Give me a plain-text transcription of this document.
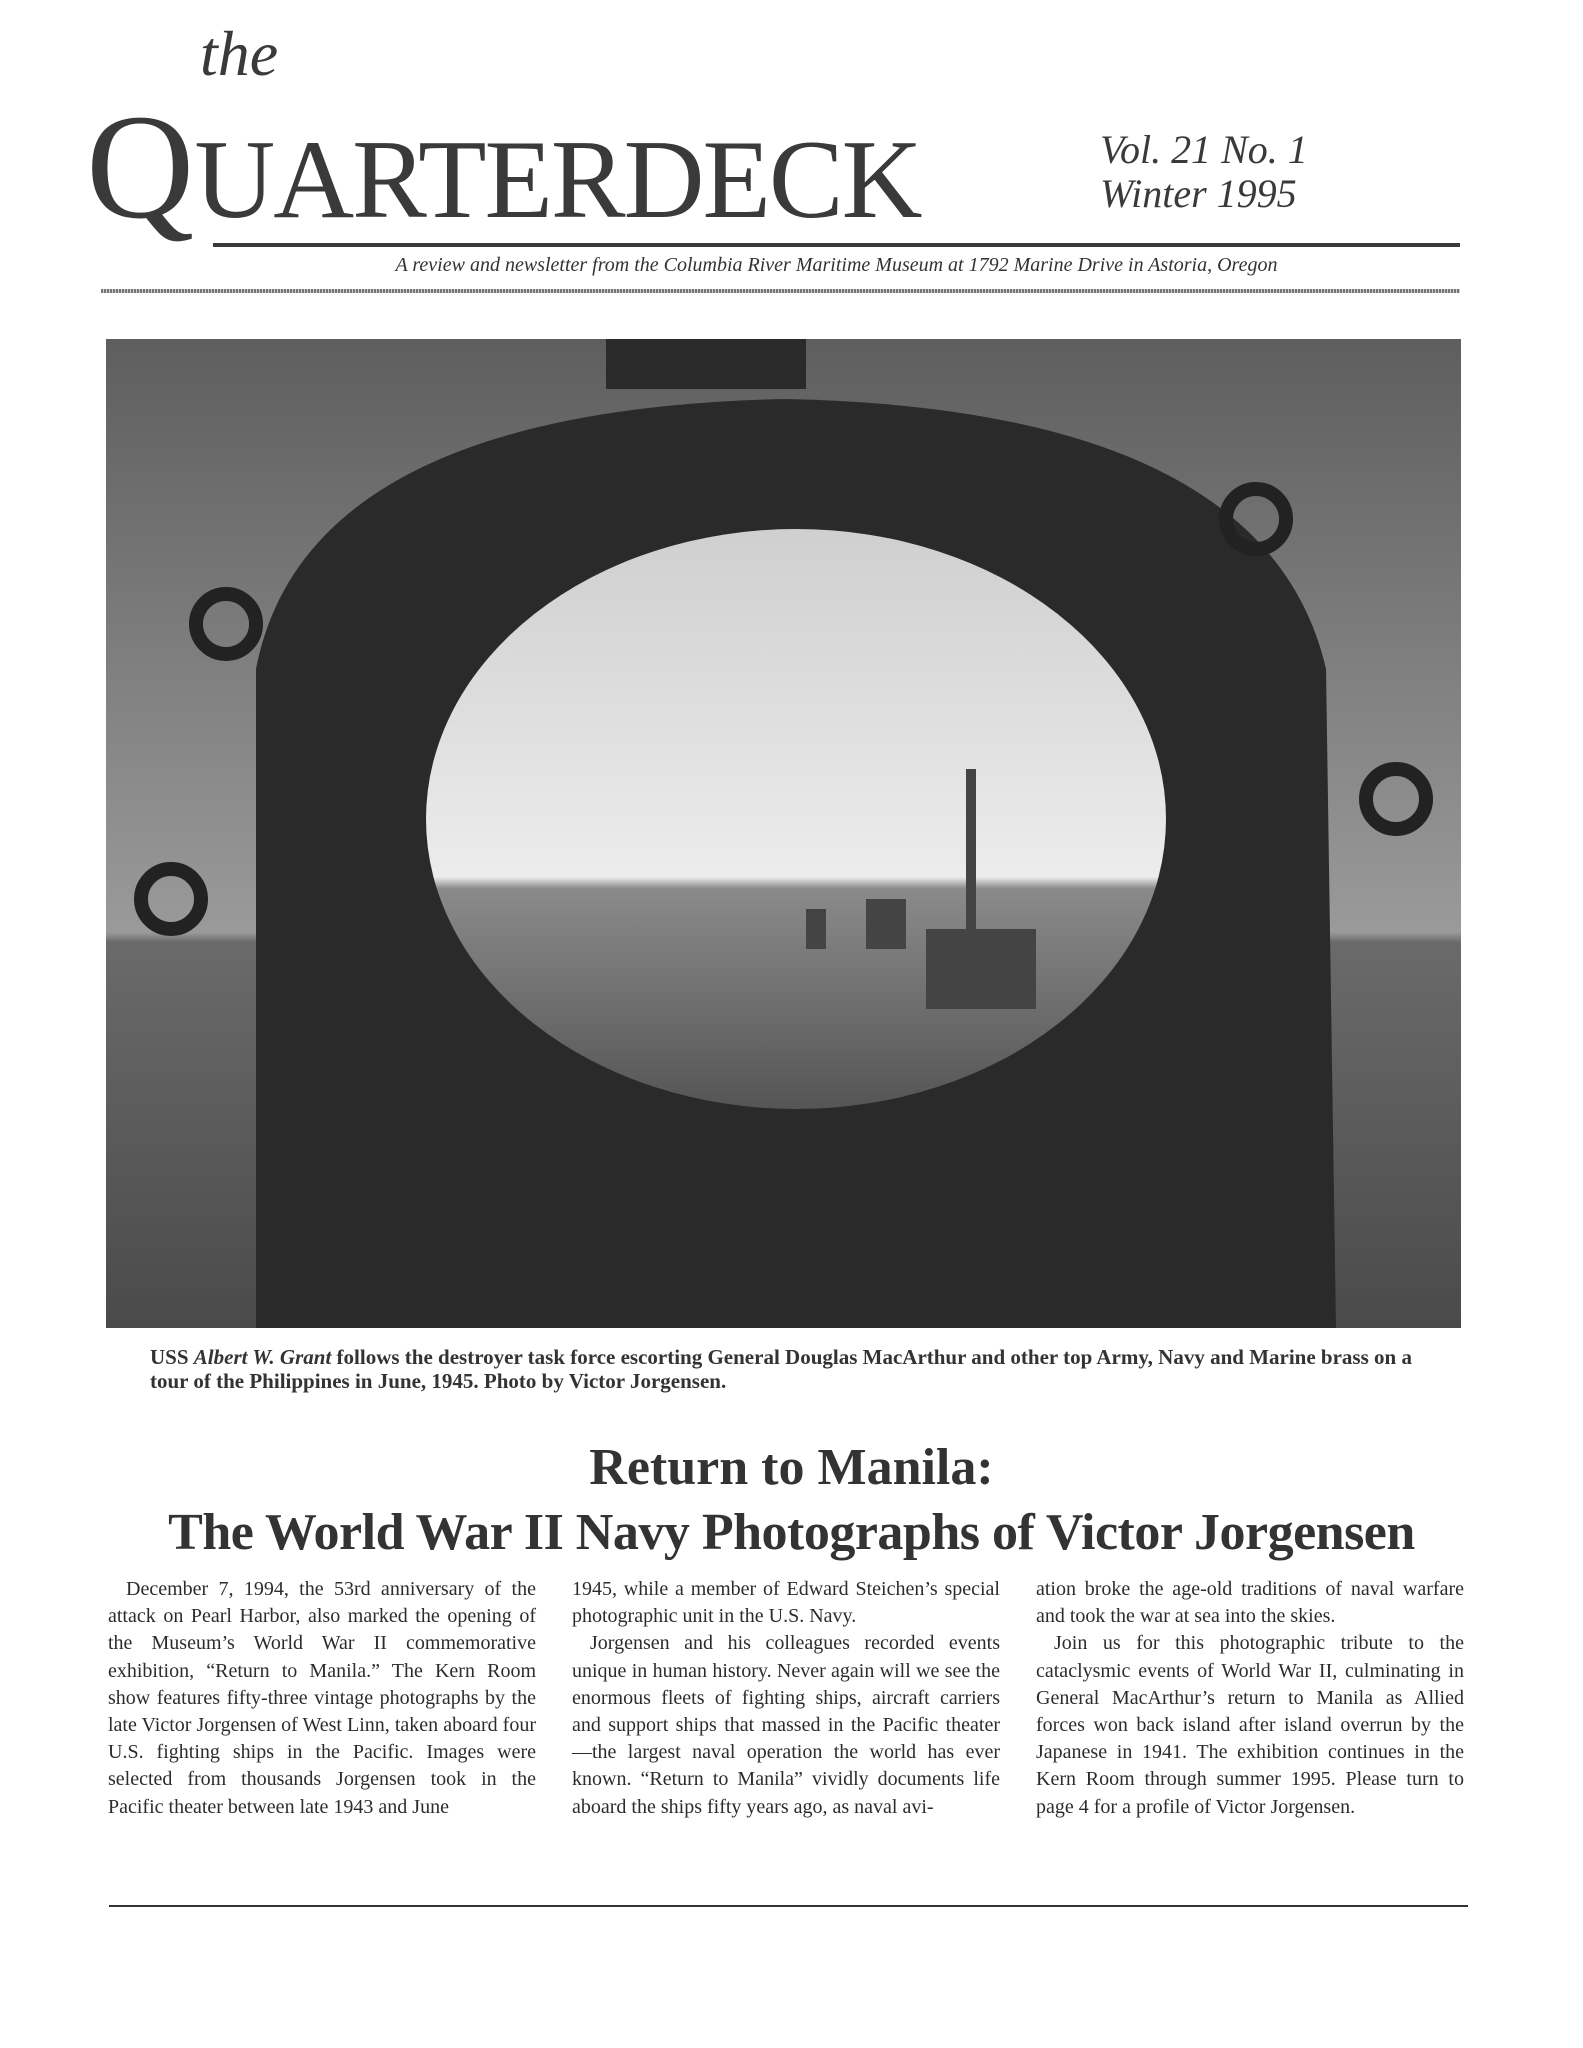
the
Q UARTERDECK	Vol. 21 No. 1
Winter 1995
A review and newsletter from the Columbia River Maritime Museum at 1792 Marine Drive in Astoria, Oregon
USS Albert W. Grant follows the destroyer task force escorting General Douglas MacArthur and other top Army, Navy and Marine brass on a tour of the Philippines in June, 1945. Photo by Victor Jorgensen.
Return to Manila:
The World War II Navy Photographs of Victor Jorgensen

December 7, 1994, the 53rd anniversary of the attack on Pearl Harbor, also marked the opening of the Museum’s World War II commemorative exhibition, “Return to Manila.” The Kern Room show features fifty-three vintage photographs by the late Victor Jorgensen of West Linn, taken aboard four U.S. fighting ships in the Pacific. Images were selected from thousands Jorgensen took in the Pacific theater between late 1943 and June

1945, while a member of Edward Steichen’s special photographic unit in the U.S. Navy.

Jorgensen and his colleagues recorded events unique in human history. Never again will we see the enormous fleets of fighting ships, aircraft carriers and support ships that massed in the Pacific theater—the largest naval operation the world has ever known. “Return to Manila” vividly documents life aboard the ships fifty years ago, as naval avi-

ation broke the age-old traditions of naval warfare and took the war at sea into the skies.

Join us for this photographic tribute to the cataclysmic events of World War II, culminating in General MacArthur’s return to Manila as Allied forces won back island after island overrun by the Japanese in 1941. The exhibition continues in the Kern Room through summer 1995. Please turn to page 4 for a profile of Victor Jorgensen.
